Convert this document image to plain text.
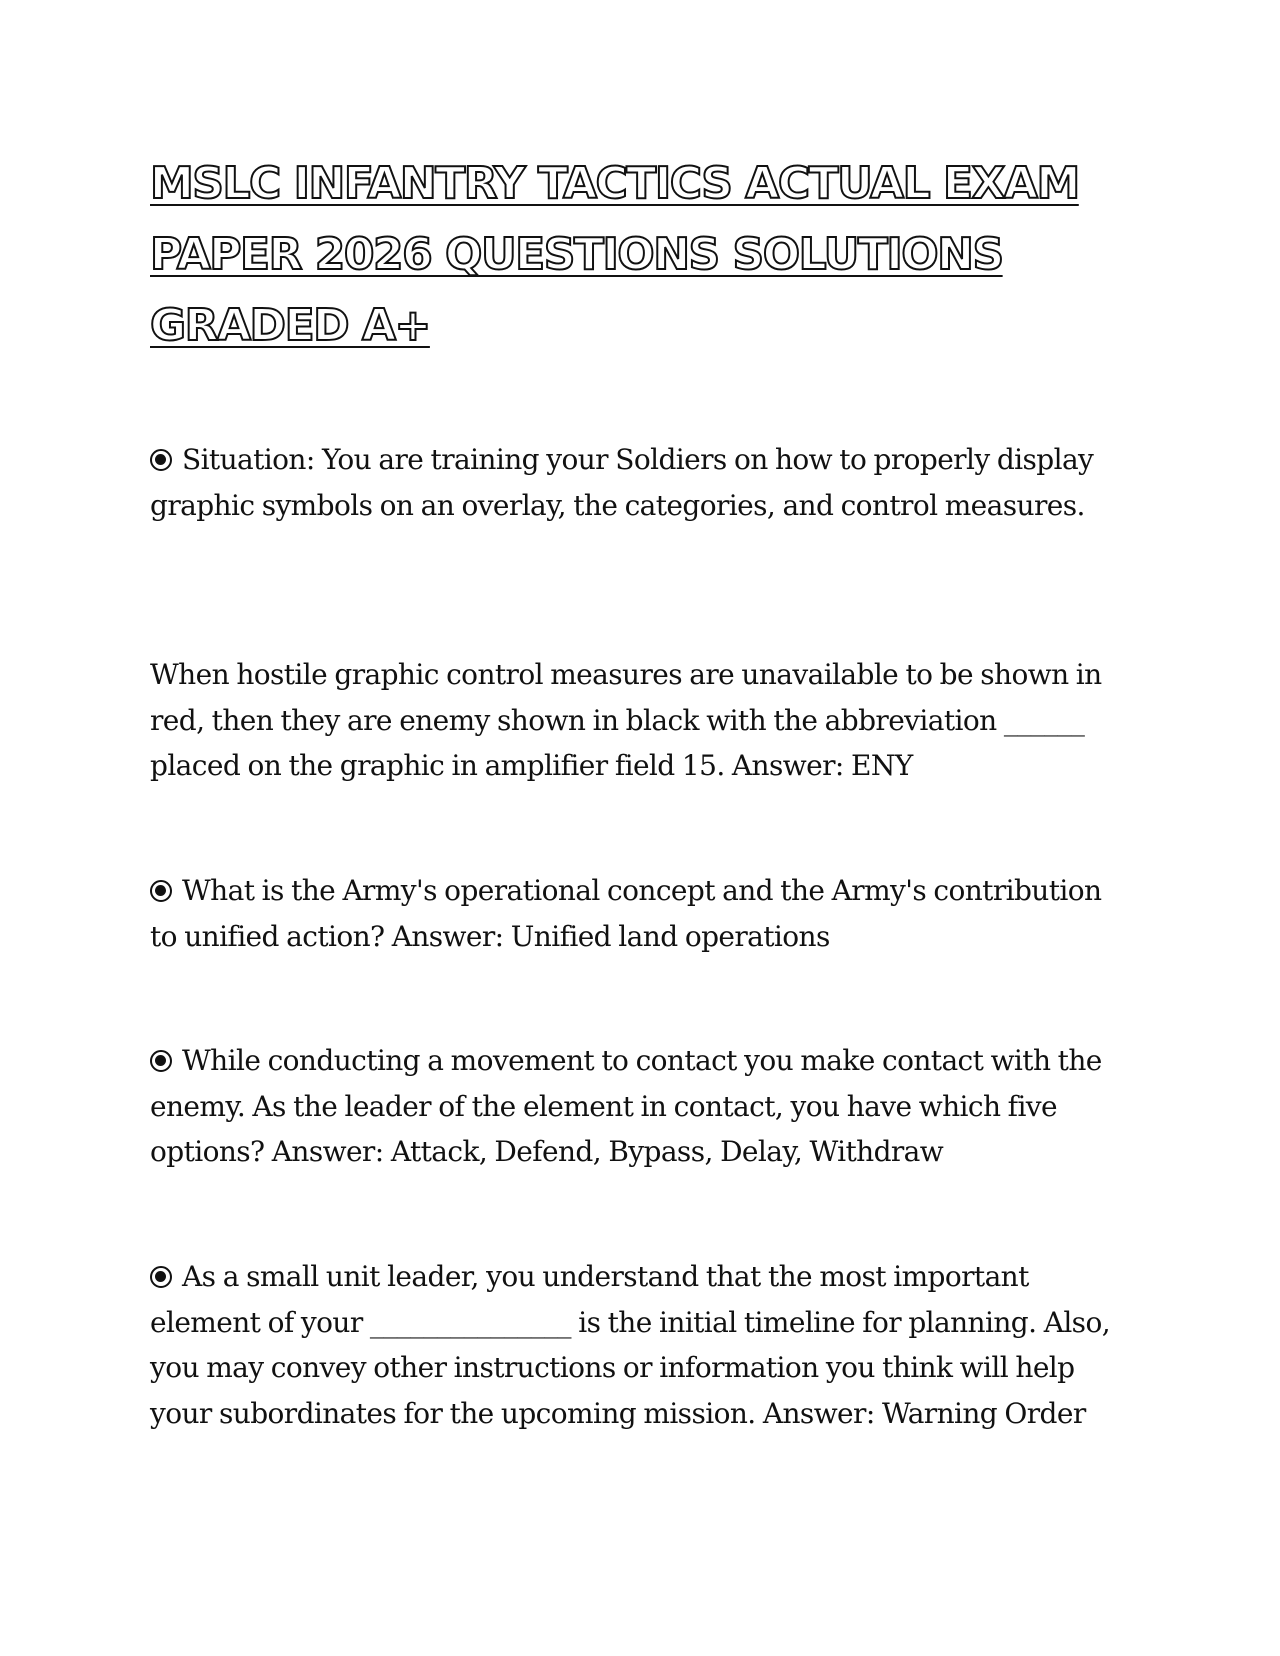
MSLC INFANTRY TACTICS ACTUAL EXAM PAPER 2026 QUESTIONS SOLUTIONS GRADED A+

Situation: You are training your Soldiers on how to properly display graphic symbols on an overlay, the categories, and control measures.

When hostile graphic control measures are unavailable to be shown in red, then they are enemy shown in black with the abbreviation ______ placed on the graphic in amplifier field 15. Answer: ENY

What is the Army's operational concept and the Army's contribution to unified action? Answer: Unified land operations

While conducting a movement to contact you make contact with the enemy. As the leader of the element in contact, you have which five options? Answer: Attack, Defend, Bypass, Delay, Withdraw

As a small unit leader, you understand that the most important element of your _______________ is the initial timeline for planning. Also, you may convey other instructions or information you think will help your subordinates for the upcoming mission. Answer: Warning Order
